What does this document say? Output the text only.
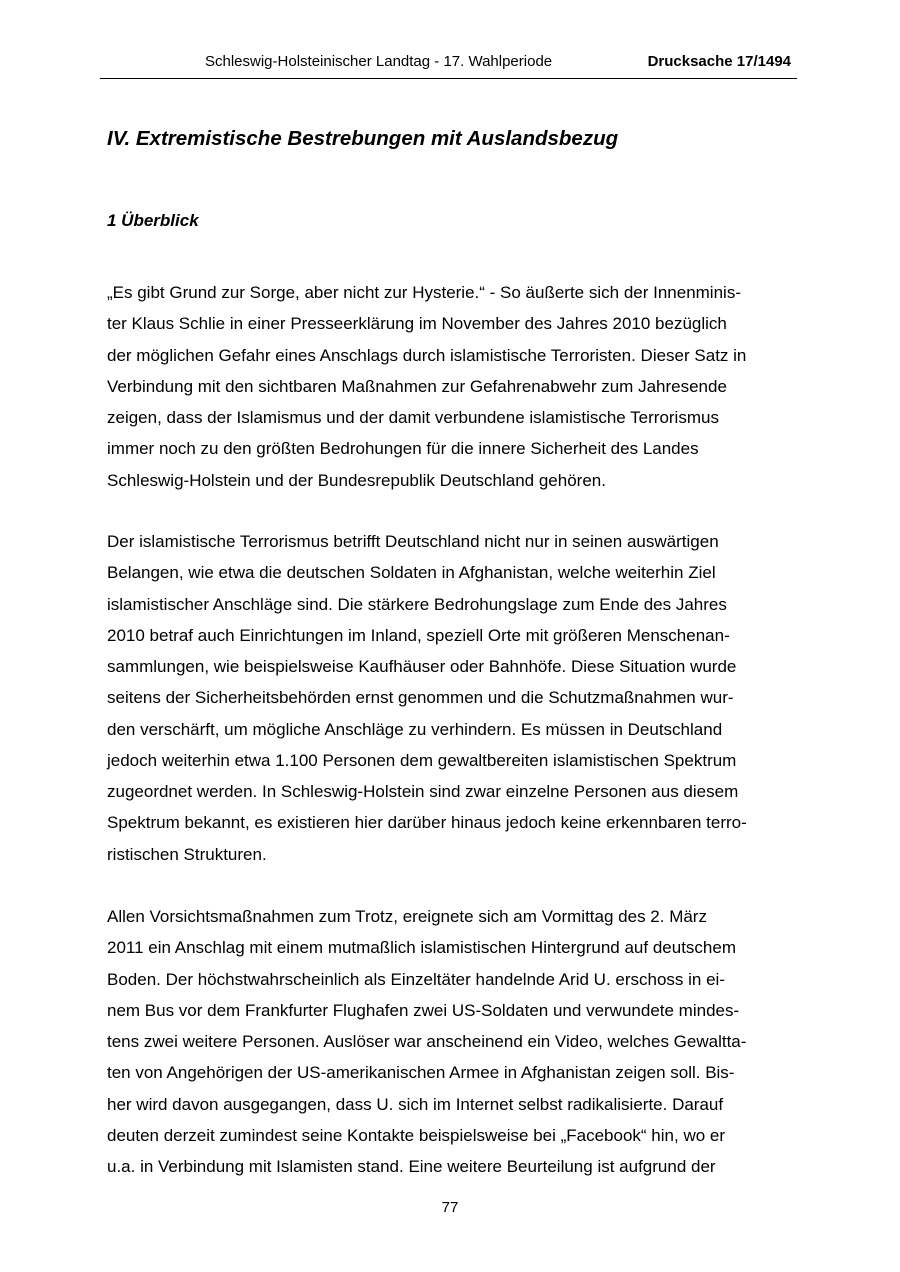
Schleswig-Holsteinischer Landtag - 17. Wahlperiode	Drucksache 17/1494
IV. Extremistische Bestrebungen mit Auslandsbezug
1 Überblick
„Es gibt Grund zur Sorge, aber nicht zur Hysterie.“ - So äußerte sich der Innenminis-
ter Klaus Schlie in einer Presseerklärung im November des Jahres 2010 bezüglich
der möglichen Gefahr eines Anschlags durch islamistische Terroristen. Dieser Satz in
Verbindung mit den sichtbaren Maßnahmen zur Gefahrenabwehr zum Jahresende
zeigen, dass der Islamismus und der damit verbundene islamistische Terrorismus
immer noch zu den größten Bedrohungen für die innere Sicherheit des Landes
Schleswig-Holstein und der Bundesrepublik Deutschland gehören.
Der islamistische Terrorismus betrifft Deutschland nicht nur in seinen auswärtigen
Belangen, wie etwa die deutschen Soldaten in Afghanistan, welche weiterhin Ziel
islamistischer Anschläge sind. Die stärkere Bedrohungslage zum Ende des Jahres
2010 betraf auch Einrichtungen im Inland, speziell Orte mit größeren Menschenan-
sammlungen, wie beispielsweise Kaufhäuser oder Bahnhöfe. Diese Situation wurde
seitens der Sicherheitsbehörden ernst genommen und die Schutzmaßnahmen wur-
den verschärft, um mögliche Anschläge zu verhindern. Es müssen in Deutschland
jedoch weiterhin etwa 1.100 Personen dem gewaltbereiten islamistischen Spektrum
zugeordnet werden. In Schleswig-Holstein sind zwar einzelne Personen aus diesem
Spektrum bekannt, es existieren hier darüber hinaus jedoch keine erkennbaren terro-
ristischen Strukturen.
Allen Vorsichtsmaßnahmen zum Trotz, ereignete sich am Vormittag des 2. März
2011 ein Anschlag mit einem mutmaßlich islamistischen Hintergrund auf deutschem
Boden. Der höchstwahrscheinlich als Einzeltäter handelnde Arid U. erschoss in ei-
nem Bus vor dem Frankfurter Flughafen zwei US-Soldaten und verwundete mindes-
tens zwei weitere Personen. Auslöser war anscheinend ein Video, welches Gewaltta-
ten von Angehörigen der US-amerikanischen Armee in Afghanistan zeigen soll. Bis-
her wird davon ausgegangen, dass U. sich im Internet selbst radikalisierte. Darauf
deuten derzeit zumindest seine Kontakte beispielsweise bei „Facebook“ hin, wo er
u.a. in Verbindung mit Islamisten stand. Eine weitere Beurteilung ist aufgrund der
77
